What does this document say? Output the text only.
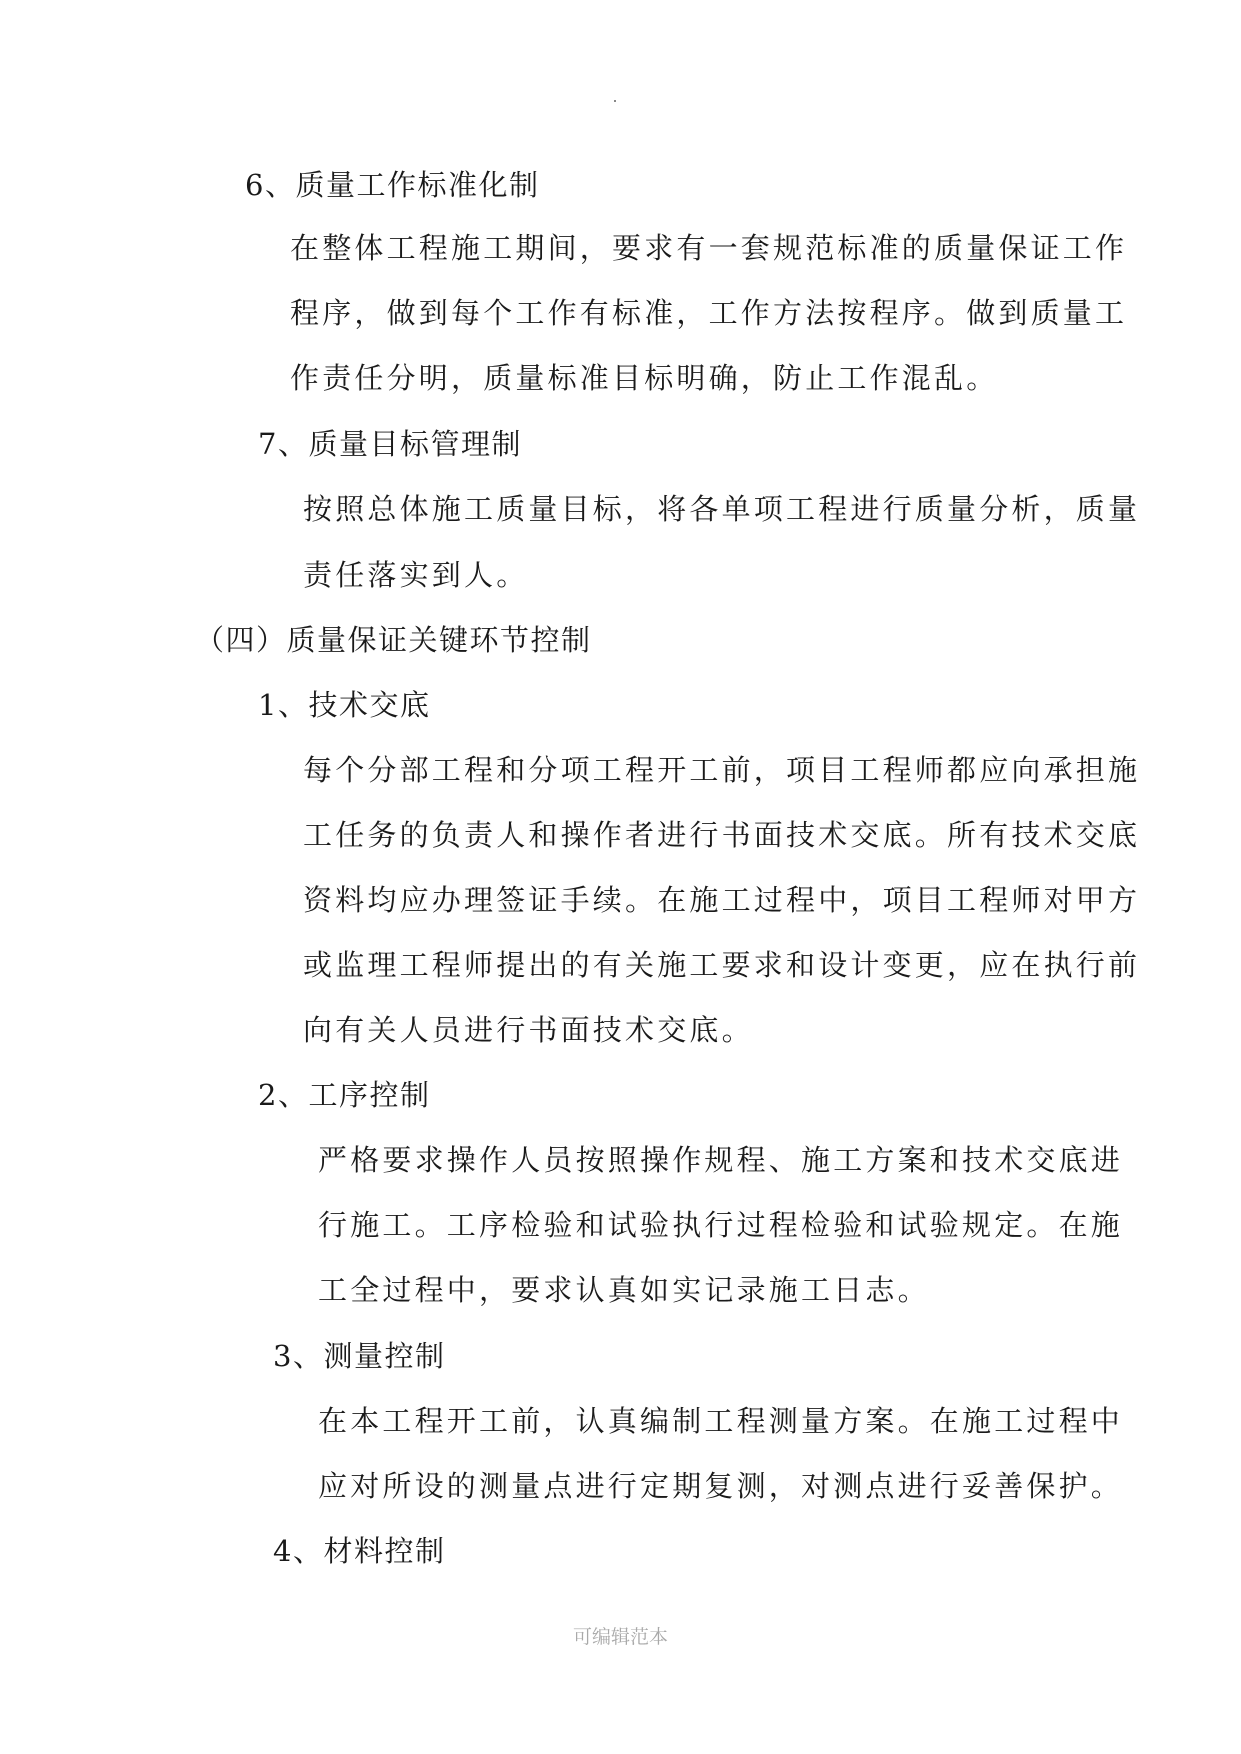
6、质量工作标准化制
在整体工程施工期间，要求有一套规范标准的质量保证工作
程序，做到每个工作有标准，工作方法按程序。做到质量工
作责任分明，质量标准目标明确，防止工作混乱。
7、质量目标管理制
按照总体施工质量目标，将各单项工程进行质量分析，质量
责任落实到人。
（四）质量保证关键环节控制
1、技术交底
每个分部工程和分项工程开工前，项目工程师都应向承担施
工任务的负责人和操作者进行书面技术交底。所有技术交底
资料均应办理签证手续。在施工过程中，项目工程师对甲方
或监理工程师提出的有关施工要求和设计变更，应在执行前
向有关人员进行书面技术交底。
2、工序控制
严格要求操作人员按照操作规程、施工方案和技术交底进
行施工。工序检验和试验执行过程检验和试验规定。在施
工全过程中，要求认真如实记录施工日志。
3、测量控制
在本工程开工前，认真编制工程测量方案。在施工过程中
应对所设的测量点进行定期复测，对测点进行妥善保护。
4、材料控制
可编辑范本
